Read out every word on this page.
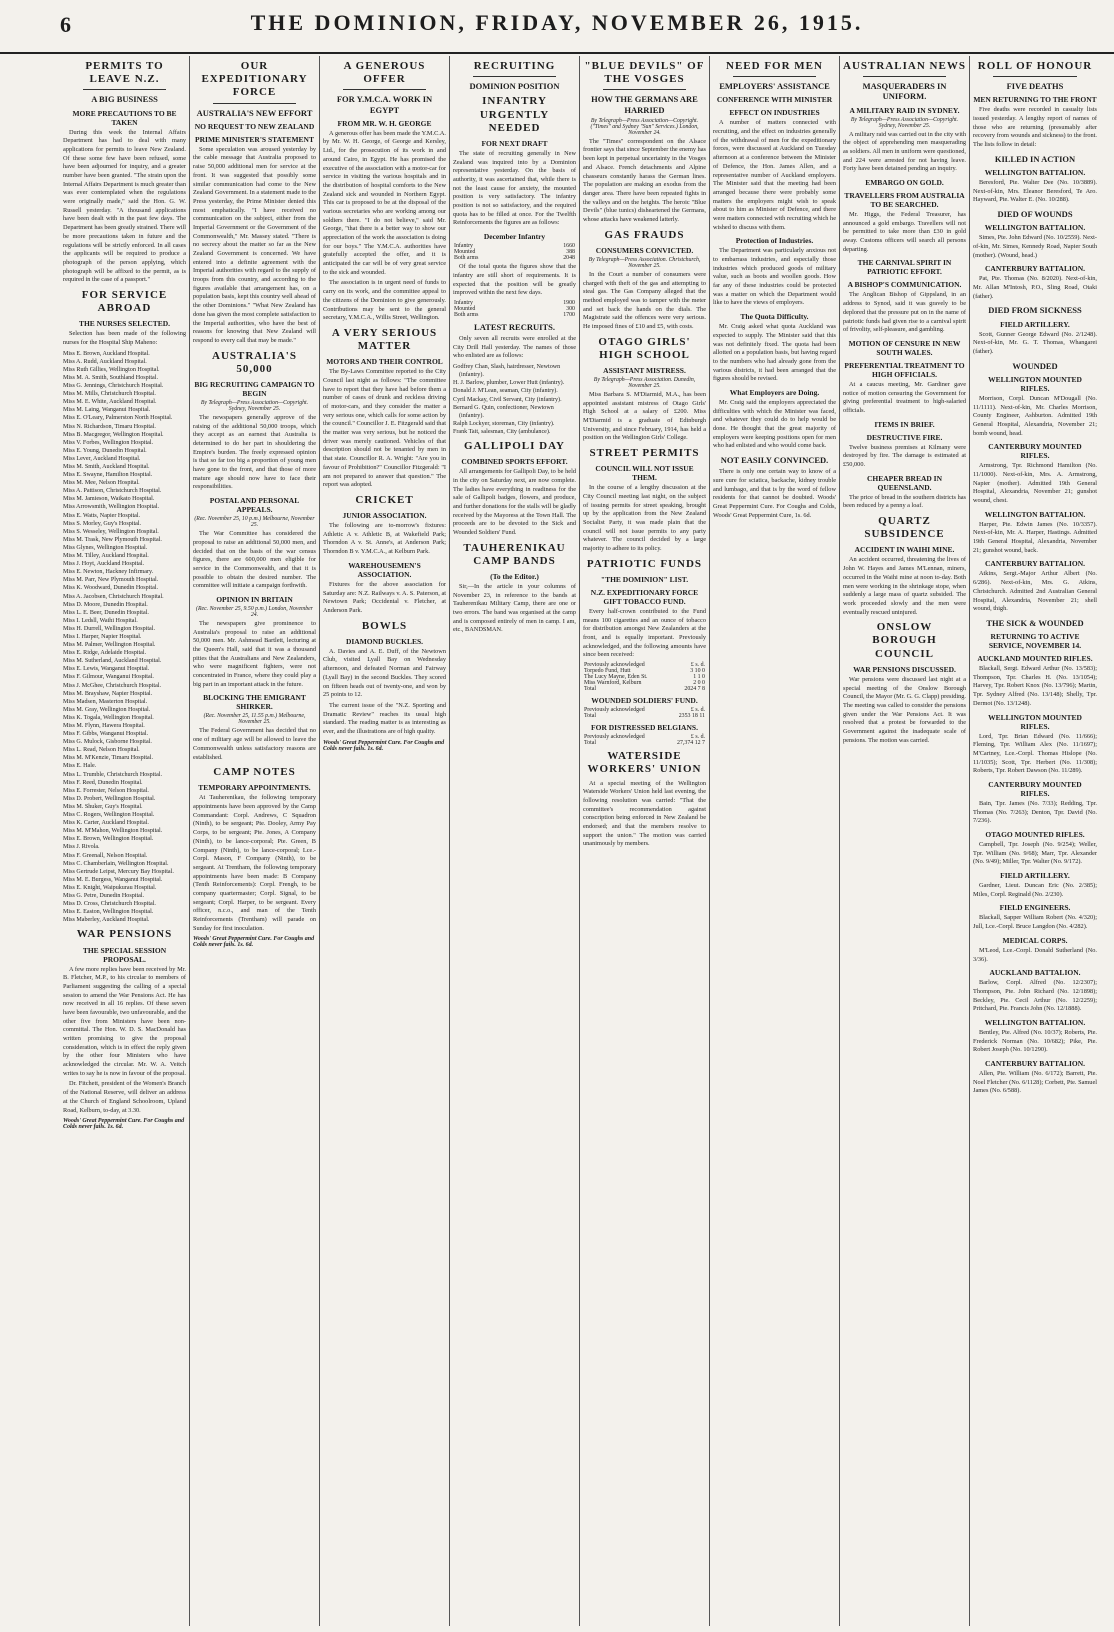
6	THE DOMINION, FRIDAY, NOVEMBER 26, 1915.
PERMITS TO LEAVE N.Z.
A BIG BUSINESS
MORE PRECAUTIONS TO BE TAKEN

During this week the Internal Affairs Department has had to deal with many applications for permits to leave New Zealand. Of these some few have been refused, some have been adjourned for inquiry, and a greater number have been granted. "The strain upon the Internal Affairs Department is much greater than was ever contemplated when the regulations were originally made," said the Hon. G. W. Russell yesterday. "A thousand applications have been dealt with in the past few days. The Department has been greatly strained. There will be more precautions taken in future and the regulations will be strictly enforced. In all cases the applicants will be required to produce a photograph of the person applying, which photograph will be affixed to the permit, as is required in the case of a passport."

FOR SERVICE ABROAD
THE NURSES SELECTED.

Selection has been made of the following nurses for the Hospital Ship Maheno:

Miss E. Brown, Auckland Hospital.
Miss A. Rudd, Auckland Hospital.
Miss Ruth Gillies, Wellington Hospital.
Miss M. A. Smith, Southland Hospital.
Miss G. Jennings, Christchurch Hospital.
Miss M. Mills, Christchurch Hospital.
Miss M. E. White, Auckland Hospital.
Miss M. Laing, Wanganui Hospital.
Miss E. O'Leary, Palmerston North Hospital.
Miss N. Richardson, Timaru Hospital.
Miss B. Macgregor, Wellington Hospital.
Miss V. Forbes, Wellington Hospital.
Miss E. Young, Dunedin Hospital.
Miss Lever, Auckland Hospital.
Miss M. Smith, Auckland Hospital.
Miss E. Swayne, Hamilton Hospital.
Miss M. Mee, Nelson Hospital.
Miss A. Pattison, Christchurch Hospital.
Miss M. Jamieson, Waikato Hospital.
Miss Arrowsmith, Wellington Hospital.
Miss E. Watts, Napier Hospital.
Miss S. Morley, Guy's Hospital.
Miss S. Wesseley, Wellington Hospital.
Miss M. Trask, New Plymouth Hospital.
Miss Glynes, Wellington Hospital.
Miss M. Tilley, Auckland Hospital.
Miss J. Hoyt, Auckland Hospital.
Miss E. Newton, Hackney Infirmary.
Miss M. Parr, New Plymouth Hospital.
Miss K. Woodward, Dunedin Hospital.
Miss A. Jacobsen, Christchurch Hospital.
Miss D. Moore, Dunedin Hospital.
Miss L. E. Beer, Dunedin Hospital.
Miss I. Ledsll, Waihi Hospital.
Miss H. Durrell, Wellington Hospital.
Miss I. Harper, Napier Hospital.
Miss M. Palmer, Wellington Hospital.
Miss E. Ridge, Adelaide Hospital.
Miss M. Sutherland, Auckland Hospital.
Miss E. Lewis, Wanganui Hospital.
Miss F. Gilmour, Wanganui Hospital.
Miss J. McGhee, Christchurch Hospital.
Miss M. Brayshaw, Napier Hospital.
Miss Madsen, Masterton Hospital.
Miss M. Gray, Wellington Hospital.
Miss K. Togala, Wellington Hospital.
Miss M. Flynn, Hawera Hospital.
Miss F. Gibbs, Wanganui Hospital.
Miss G. Mulock, Gisborne Hospital.
Miss L. Read, Nelson Hospital.
Miss M. M'Kenzie, Timaru Hospital.
Miss E. Hale.
Miss L. Trumble, Christchurch Hospital.
Miss F. Reed, Dunedin Hospital.
Miss E. Forrester, Nelson Hospital.
Miss D. Probert, Wellington Hospital.
Miss M. Shuker, Guy's Hospital.
Miss C. Rogers, Wellington Hospital.
Miss K. Carter, Auckland Hospital.
Miss M. M'Mahon, Wellington Hospital.
Miss E. Brown, Wellington Hospital.
Miss J. Rivola.
Miss F. Greenall, Nelson Hospital.
Miss C. Chamberlain, Wellington Hospital.
Miss Gertrude Leipst, Mercury Bay Hospital.
Miss M. E. Burgess, Wanganui Hospital.
Miss E. Knight, Waipukurau Hospital.
Miss G. Petre, Dunedin Hospital.
Miss D. Cross, Christchurch Hospital.
Miss E. Easton, Wellington Hospital.
Miss Maberley, Auckland Hospital.
WAR PENSIONS
THE SPECIAL SESSION PROPOSAL.

A few more replies have been received by Mr. B. Fletcher, M.P., to his circular to members of Parliament suggesting the calling of a special session to amend the War Pensions Act. He has now received in all 16 replies. Of these seven have been favourable, two unfavourable, and the other five from Ministers have been non-committal. The Hon. W. D. S. MacDonald has written promising to give the proposal consideration, which is in effect the reply given by the other four Ministers who have acknowledged the circular. Mr. W. A. Veitch writes to say he is now in favour of the proposal.

Dr. Fitchett, president of the Women's Branch of the National Reserve, will deliver an address at the Church of England Schoolroom, Upland Road, Kelburn, to-day, at 3.30.

Woods' Great Peppermint Cure. For Coughs and Colds never fails. 1s. 6d.
OUR EXPEDITIONARY FORCE
AUSTRALIA'S NEW EFFORT
NO REQUEST TO NEW ZEALAND
PRIME MINISTER'S STATEMENT

Some speculation was aroused yesterday by the cable message that Australia proposed to raise 50,000 additional men for service at the front. It was suggested that possibly some similar communication had come to the New Zealand Government. In a statement made to the Press yesterday, the Prime Minister denied this most emphatically. "I have received no communication on the subject, either from the Imperial Government or the Government of the Commonwealth," Mr. Massey stated. "There is no secrecy about the matter so far as the New Zealand Government is concerned. We have entered into a definite agreement with the Imperial authorities with regard to the supply of troops from this country, and according to the figures available that arrangement has, on a population basis, kept this country well ahead of the other Dominions." "What New Zealand has done has given the most complete satisfaction to the Imperial authorities, who have the best of reasons for knowing that New Zealand will respond to every call that may be made."

AUSTRALIA'S 50,000
BIG RECRUITING CAMPAIGN TO BEGIN
By Telegraph—Press Association—Copyright. Sydney, November 25.

The newspapers generally approve of the raising of the additional 50,000 troops, which they accept as an earnest that Australia is determined to do her part in shouldering the Empire's burden. The freely expressed opinion is that so far too big a proportion of young men have gone to the front, and that those of more mature age should now have to face their responsibilities.

POSTAL AND PERSONAL APPEALS.
(Rec. November 25, 10 p.m.) Melbourne, November 25.

The War Committee has considered the proposal to raise an additional 50,000 men, and decided that on the basis of the war census figures, there are 600,000 men eligible for service in the Commonwealth, and that it is possible to obtain the desired number. The committee will initiate a campaign forthwith.

OPINION IN BRITAIN
(Rec. November 25, 9.50 p.m.) London, November 24.

The newspapers give prominence to Australia's proposal to raise an additional 50,000 men. Mr. Ashmead Bartlett, lecturing at the Queen's Hall, said that it was a thousand pities that the Australians and New Zealanders, who were magnificent fighters, were not concentrated in France, where they could play a big part in an important attack in the future.

BLOCKING THE EMIGRANT SHIRKER.
(Rec. November 25, 11.55 p.m.) Melbourne, November 25.

The Federal Government has decided that no one of military age will be allowed to leave the Commonwealth unless satisfactory reasons are established.

CAMP NOTES
TEMPORARY APPOINTMENTS.

At Tauherenikau, the following temporary appointments have been approved by the Camp Commandant: Corpl. Andrews, C Squadron (Ninth), to be sergeant; Pte. Dooley, Army Pay Corps, to be sergeant; Pte. Jones, A Company (Ninth), to be lance-corporal; Pte. Green, B Company (Ninth), to be lance-corporal; Lce.-Corpl. Mason, F Company (Ninth), to be sergeant. At Trentham, the following temporary appointments have been made: B Company (Tenth Reinforcements): Corpl. Frengh, to be company quartermaster; Corpl. Signal, to be sergeant; Corpl. Harper, to be sergeant. Every officer, n.c.o., and man of the Tenth Reinforcements (Trentham) will parade on Sunday for first inoculation.

Woods' Great Peppermint Cure. For Coughs and Colds never fails. 1s. 6d.
A GENEROUS OFFER
FOR Y.M.C.A. WORK IN EGYPT
FROM MR. W. H. GEORGE

A generous offer has been made the Y.M.C.A. by Mr. W. H. George, of George and Kersley, Ltd., for the prosecution of its work in and around Cairo, in Egypt. He has promised the executive of the association with a motor-car for service in visiting the various hospitals and in the distribution of hospital comforts to the New Zealand sick and wounded in Northern Egypt. This car is proposed to be at the disposal of the various secretaries who are working among our soldiers there. "I do not believe," said Mr. George, "that there is a better way to show our appreciation of the work the association is doing for our boys." The Y.M.C.A. authorities have gratefully accepted the offer, and it is anticipated the car will be of very great service to the sick and wounded.

The association is in urgent need of funds to carry on its work, and the committee appeal to the citizens of the Dominion to give generously. Contributions may be sent to the general secretary, Y.M.C.A., Willis Street, Wellington.

A VERY SERIOUS MATTER
MOTORS AND THEIR CONTROL

The By-Laws Committee reported to the City Council last night as follows: "The committee have to report that they have had before them a number of cases of drunk and reckless driving of motor-cars, and they consider the matter a very serious one, which calls for some action by the council." Councillor J. E. Fitzgerald said that the matter was very serious, but he noticed the driver was merely cautioned. Vehicles of that description should not be tenanted by men in that state. Councillor R. A. Wright: "Are you in favour of Prohibition?" Councillor Fitzgerald: "I am not prepared to answer that question." The report was adopted.

CRICKET
JUNIOR ASSOCIATION.

The following are to-morrow's fixtures: Athletic A v. Athletic B, at Wakefield Park; Thorndon A v. St. Anne's, at Anderson Park; Thorndon B v. Y.M.C.A., at Kelburn Park.

WAREHOUSEMEN'S ASSOCIATION.

Fixtures for the above association for Saturday are: N.Z. Railways v. A. S. Paterson, at Newtown Park; Occidental v. Fletcher, at Anderson Park.

BOWLS
DIAMOND BUCKLES.

A. Davies and A. E. Duff, of the Newtown Club, visited Lyall Bay on Wednesday afternoon, and defeated Norman and Fairway (Lyall Bay) in the second Buckles. They scored on fifteen heads out of twenty-one, and won by 25 points to 12.

The current issue of the "N.Z. Sporting and Dramatic Review" reaches its usual high standard. The reading matter is as interesting as ever, and the illustrations are of high quality.

Woods' Great Peppermint Cure. For Coughs and Colds never fails. 1s. 6d.
RECRUITING
DOMINION POSITION
INFANTRY URGENTLY NEEDED
FOR NEXT DRAFT

The state of recruiting generally in New Zealand was inquired into by a Dominion representative yesterday. On the basis of authority, it was ascertained that, while there is not the least cause for anxiety, the mounted position is very satisfactory. The infantry position is not so satisfactory, and the required quota has to be filled at once. For the Twelfth Reinforcements the figures are as follows:

December Infantry
Infantry	1660
Mounted	388
Both arms	2048

Of the total quota the figures show that the infantry are still short of requirements. It is expected that the position will be greatly improved within the next few days.

Infantry	1900
Mounted	300
Both arms	1700
LATEST RECRUITS.

Only seven all recruits were enrolled at the City Drill Hall yesterday. The names of those who enlisted are as follows:

Godfrey Chan, Slash, hairdresser, Newtown (infantry).
H. J. Barlow, plumber, Lower Hutt (infantry).
Donald J. M'Lean, seaman, City (infantry).
Cyril Mackay, Civil Servant, City (infantry).
Bernard G. Quin, confectioner, Newtown (infantry).
Ralph Lockyer, storeman, City (infantry).
Frank Tait, salesman, City (ambulance).
GALLIPOLI DAY
COMBINED SPORTS EFFORT.

All arrangements for Gallipoli Day, to be held in the city on Saturday next, are now complete. The ladies have everything in readiness for the sale of Gallipoli badges, flowers, and produce, and further donations for the stalls will be gladly received by the Mayoress at the Town Hall. The proceeds are to be devoted to the Sick and Wounded Soldiers' Fund.

TAUHERENIKAU CAMP BANDS
(To the Editor.)

Sir,—In the article in your columns of November 23, in reference to the bands at Tauherenikau Military Camp, there are one or two errors. The band was organised at the camp and is composed entirely of men in camp. I am, etc., BANDSMAN.

"BLUE DEVILS" OF THE VOSGES
HOW THE GERMANS ARE HARRIED
By Telegraph—Press Association—Copyright. ("Times" and Sydney "Sun" Services.) London, November 24.

The "Times" correspondent on the Alsace frontier says that since September the enemy has been kept in perpetual uncertainty in the Vosges and Alsace. French detachments and Alpine chasseurs constantly harass the German lines. The population are making an exodus from the danger area. There have been repeated fights in the valleys and on the heights. The heroic "Blue Devils" (blue tunics) disheartened the Germans, whose attacks have weakened latterly.

GAS FRAUDS
CONSUMERS CONVICTED.
By Telegraph—Press Association. Christchurch, November 25.

In the Court a number of consumers were charged with theft of the gas and attempting to steal gas. The Gas Company alleged that the method employed was to tamper with the meter and set back the hands on the dials. The Magistrate said the offences were very serious. He imposed fines of £10 and £5, with costs.

OTAGO GIRLS' HIGH SCHOOL
ASSISTANT MISTRESS.
By Telegraph—Press Association. Dunedin, November 25.

Miss Barbara S. M'Diarmid, M.A., has been appointed assistant mistress of Otago Girls' High School at a salary of £200. Miss M'Diarmid is a graduate of Edinburgh University, and since February, 1914, has held a position on the Wellington Girls' College.

STREET PERMITS
COUNCIL WILL NOT ISSUE THEM.

In the course of a lengthy discussion at the City Council meeting last night, on the subject of issuing permits for street speaking, brought up by the application from the New Zealand Socialist Party, it was made plain that the council will not issue permits to any party whatever. The council decided by a large majority to adhere to its policy.

PATRIOTIC FUNDS
"THE DOMINION" LIST.
N.Z. EXPEDITIONARY FORCE GIFT TOBACCO FUND.

Every half-crown contributed to the Fund means 100 cigarettes and an ounce of tobacco for distribution amongst New Zealanders at the front, and is equally important. Previously acknowledged, and the following amounts have since been received:

Previously acknowledged	£ s. d.
Torpedo Fund, Hutt	3 10 0
The Lucy Mayne, Eden St.	1 1 0
Miss Warnford, Kelburn	2 0 0
Total	2024 7 8
WOUNDED SOLDIERS' FUND.
Previously acknowledged	£ s. d.
Total	2353 18 11
FOR DISTRESSED BELGIANS.
Previously acknowledged	£ s. d.
Total	27,374 12 7
WATERSIDE WORKERS' UNION

At a special meeting of the Wellington Waterside Workers' Union held last evening, the following resolution was carried: "That the committee's recommendation against conscription being enforced in New Zealand be endorsed; and that the members resolve to support the union." The motion was carried unanimously by members.

NEED FOR MEN
EMPLOYERS' ASSISTANCE
CONFERENCE WITH MINISTER
EFFECT ON INDUSTRIES

A number of matters connected with recruiting, and the effect on industries generally of the withdrawal of men for the expeditionary forces, were discussed at Auckland on Tuesday afternoon at a conference between the Minister of Defence, the Hon. James Allen, and a representative number of Auckland employers. The Minister said that the meeting had been arranged because there were probably some matters the employers might wish to speak about to him as Minister of Defence, and there were matters connected with recruiting which he wished to discuss with them.

Protection of Industries.

The Department was particularly anxious not to embarrass industries, and especially those industries which produced goods of military value, such as boots and woollen goods. How far any of these industries could be protected was a matter on which the Department would like to have the views of employers.

The Quota Difficulty.

Mr. Craig asked what quota Auckland was expected to supply. The Minister said that this was not definitely fixed. The quota had been allotted on a population basis, but having regard to the numbers who had already gone from the various districts, it had been arranged that the figures should be revised.

What Employers are Doing.

Mr. Craig said the employers appreciated the difficulties with which the Minister was faced, and whatever they could do to help would be done. He thought that the great majority of employers were keeping positions open for men who had enlisted and who would come back.

NOT EASILY CONVINCED.

There is only one certain way to know of a sure cure for sciatica, backache, kidney trouble and lumbago, and that is by the word of fellow residents for that cannot be doubted. Woods' Great Peppermint Cure. For Coughs and Colds, Woods' Great Peppermint Cure, 1s. 6d.

AUSTRALIAN NEWS
MASQUERADERS IN UNIFORM.
A MILITARY RAID IN SYDNEY.
By Telegraph—Press Association—Copyright. Sydney, November 25.

A military raid was carried out in the city with the object of apprehending men masquerading as soldiers. All men in uniform were questioned, and 224 were arrested for not having leave. Forty have been detained pending an inquiry.

EMBARGO ON GOLD.
TRAVELLERS FROM AUSTRALIA TO BE SEARCHED.

Mr. Higgs, the Federal Treasurer, has announced a gold embargo. Travellers will not be permitted to take more than £30 in gold away. Customs officers will search all persons departing.

THE CARNIVAL SPIRIT IN PATRIOTIC EFFORT.
A BISHOP'S COMMUNICATION.

The Anglican Bishop of Gippsland, in an address to Synod, said it was gravely to be deplored that the pressure put on in the name of patriotic funds had given rise to a carnival spirit of frivolity, self-pleasure, and gambling.

MOTION OF CENSURE IN NEW SOUTH WALES.
PREFERENTIAL TREATMENT TO HIGH OFFICIALS.

At a caucus meeting, Mr. Gardiner gave notice of motion censuring the Government for giving preferential treatment to high-salaried officials.

ITEMS IN BRIEF.
DESTRUCTIVE FIRE.

Twelve business premises at Kilmany were destroyed by fire. The damage is estimated at £50,000.

CHEAPER BREAD IN QUEENSLAND.

The price of bread in the southern districts has been reduced by a penny a loaf.

QUARTZ SUBSIDENCE
ACCIDENT IN WAIHI MINE.

An accident occurred, threatening the lives of John W. Hayes and James M'Lennan, miners, occurred in the Waihi mine at noon to-day. Both men were working in the shrinkage stope, when suddenly a large mass of quartz subsided. The work proceeded slowly and the men were eventually rescued uninjured.

ONSLOW BOROUGH COUNCIL
WAR PENSIONS DISCUSSED.

War pensions were discussed last night at a special meeting of the Onslow Borough Council, the Mayor (Mr. G. G. Clapp) presiding. The meeting was called to consider the pensions given under the War Pensions Act. It was resolved that a protest be forwarded to the Government against the inadequate scale of pensions. The motion was carried.

ROLL OF HONOUR
FIVE DEATHS
MEN RETURNING TO THE FRONT

Five deaths were recorded in casualty lists issued yesterday. A lengthy report of names of those who are returning (presumably after recovery from wounds and sickness) to the front. The lists follow in detail:

KILLED IN ACTION
WELLINGTON BATTALION.

Beresford, Pte. Walter Dee (No. 10/3889). Next-of-kin, Mrs. Eleanor Beresford, Te Aro. Hayward, Pte. Walter E. (No. 10/288).

DIED OF WOUNDS
WELLINGTON BATTALION.

Simes, Pte. John Edward (No. 10/2559). Next-of-kin, Mr. Simes, Kennedy Road, Napier South (mother). (Wound, head.)

CANTERBURY BATTALION.

Pat, Pte. Thomas (No. 8/2020). Next-of-kin, Mr. Allan M'Intosh, P.O., Sling Road, Otaki (father).

DIED FROM SICKNESS
FIELD ARTILLERY.

Scott, Gunner George Edward (No. 2/1248). Next-of-kin, Mr. G. T. Thomas, Whangarei (father).

WOUNDED
WELLINGTON MOUNTED RIFLES.

Morrison, Corpl. Duncan M'Dougall (No. 11/1111). Next-of-kin, Mr. Charles Morrison, County Engineer, Ashburton. Admitted 19th General Hospital, Alexandria, November 21; bomb wound, head.

CANTERBURY MOUNTED RIFLES.

Armstrong, Tpr. Richmond Hamilton (No. 11/1000). Next-of-kin, Mrs. A. Armstrong, Napier (mother). Admitted 19th General Hospital, Alexandria, November 21; gunshot wound, chest.

WELLINGTON BATTALION.

Harper, Pte. Edwin James (No. 10/3357). Next-of-kin, Mr. A. Harper, Hastings. Admitted 19th General Hospital, Alexandria, November 21; gunshot wound, back.

CANTERBURY BATTALION.

Atkins, Sergt.-Major Arthur Albert (No. 6/286). Next-of-kin, Mrs. G. Atkins, Christchurch. Admitted 2nd Australian General Hospital, Alexandria, November 21; shell wound, thigh.

THE SICK & WOUNDED
RETURNING TO ACTIVE SERVICE, NOVEMBER 14.
AUCKLAND MOUNTED RIFLES.

Blackall, Sergt. Edward Arthur (No. 13/583); Thompson, Tpr. Charles H. (No. 13/1054); Harvey, Tpr. Robert Knox (No. 13/796); Martin, Tpr. Sydney Alfred (No. 13/148); Shelly, Tpr. Dermot (No. 13/1248).

WELLINGTON MOUNTED RIFLES.

Lord, Tpr. Brian Edward (No. 11/666); Fleming, Tpr. William Alex (No. 11/1697); M'Cartney, Lce.-Corpl. Thomas Hislope (No. 11/1035); Scott, Tpr. Herbert (No. 11/308); Roberts, Tpr. Robert Dawson (No. 11/289).

CANTERBURY MOUNTED RIFLES.

Bain, Tpr. James (No. 7/33); Redding, Tpr. Thomas (No. 7/263); Denton, Tpr. David (No. 7/236).

OTAGO MOUNTED RIFLES.

Campbell, Tpr. Joseph (No. 9/254); Weller, Tpr. William (No. 9/68); Marr, Tpr. Alexander (No. 9/49); Miller, Tpr. Walter (No. 9/172).

FIELD ARTILLERY.

Gardner, Lieut. Duncan Eric (No. 2/385); Miles, Corpl. Reginald (No. 2/230).

FIELD ENGINEERS.

Blackall, Sapper William Robert (No. 4/320); Jull, Lce.-Corpl. Bruce Langdon (No. 4/282).

MEDICAL CORPS.

M'Leod, Lce.-Corpl. Donald Sutherland (No. 3/36).

AUCKLAND BATTALION.

Barlow, Corpl. Alfred (No. 12/2307); Thompson, Pte. John Richard (No. 12/1898); Beckley, Pte. Cecil Arthur (No. 12/2259); Pritchard, Pte. Francis John (No. 12/1888).

WELLINGTON BATTALION.

Bentley, Pte. Alfred (No. 10/37); Roberts, Pte. Frederick Norman (No. 10/682); Pike, Pte. Robert Joseph (No. 10/1290).

CANTERBURY BATTALION.

Allen, Pte. William (No. 6/172); Barrett, Pte. Noel Fletcher (No. 6/1128); Corbett, Pte. Samuel James (No. 6/588).
